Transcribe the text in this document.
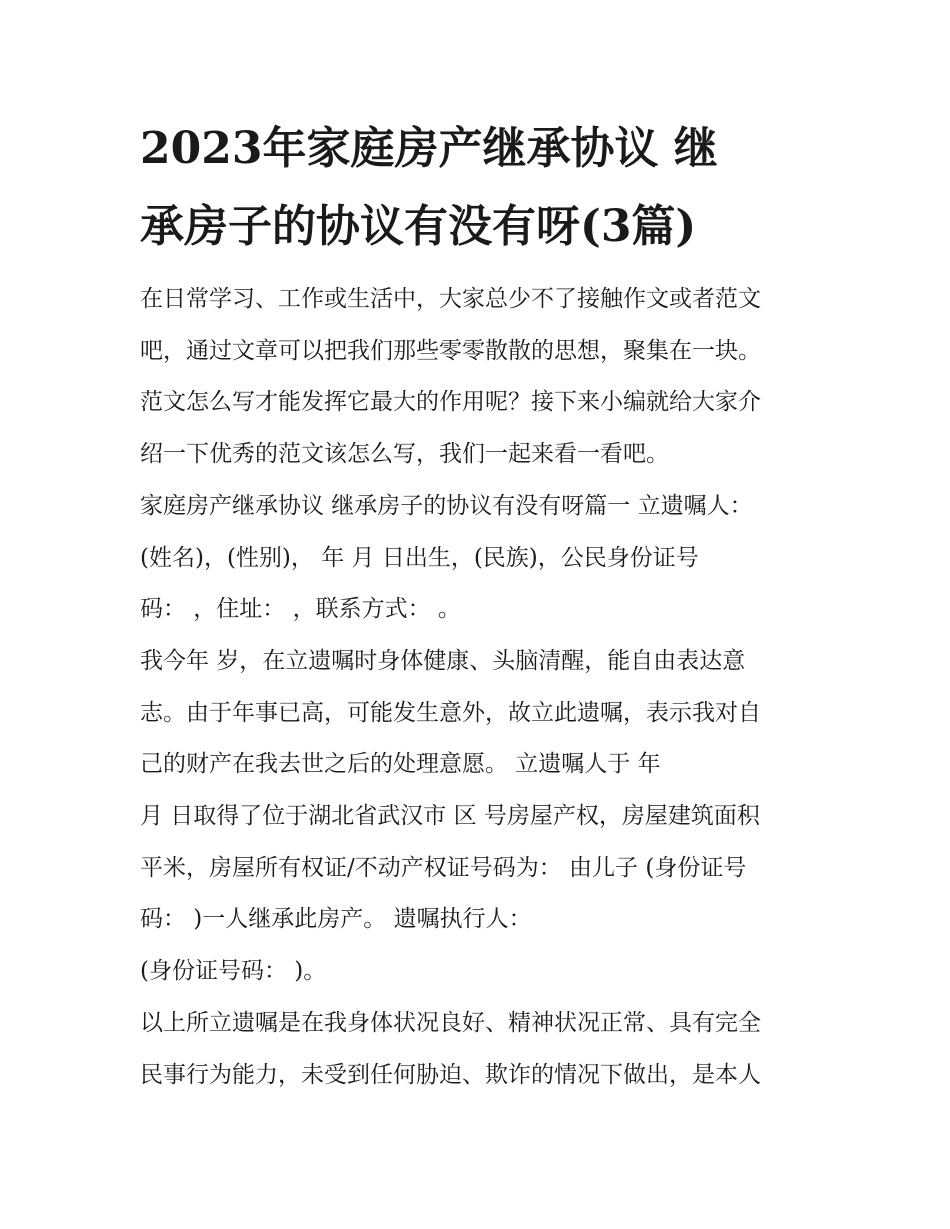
2023年家庭房产继承协议 继
承房子的协议有没有呀(3篇)
在日常学习、工作或生活中，大家总少不了接触作文或者范文
吧，通过文章可以把我们那些零零散散的思想，聚集在一块。
范文怎么写才能发挥它最大的作用呢？接下来小编就给大家介
绍一下优秀的范文该怎么写，我们一起来看一看吧。
家庭房产继承协议 继承房子的协议有没有呀篇一 立遗嘱人：
(姓名)，(性别)， 年 月 日出生，(民族)，公民身份证号
码： ，住址： ，联系方式： 。
我今年 岁，在立遗嘱时身体健康、头脑清醒，能自由表达意
志。由于年事已高，可能发生意外，故立此遗嘱，表示我对自
己的财产在我去世之后的处理意愿。 立遗嘱人于 年
月 日取得了位于湖北省武汉市 区 号房屋产权，房屋建筑面积
平米，房屋所有权证/不动产权证号码为： 由儿子 (身份证号
码： )一人继承此房产。 遗嘱执行人：
(身份证号码： )。
以上所立遗嘱是在我身体状况良好、精神状况正常、具有完全
民事行为能力，未受到任何胁迫、欺诈的情况下做出，是本人
